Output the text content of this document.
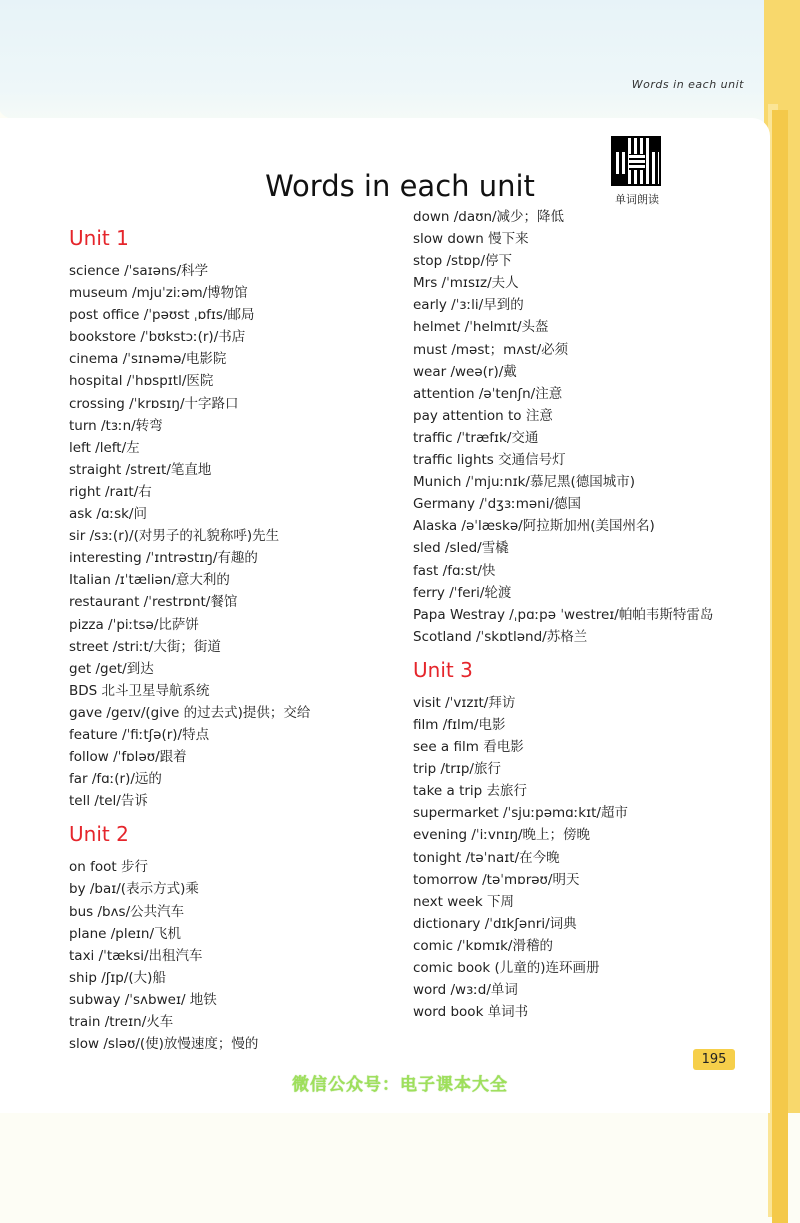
Words in each unit
Words in each unit	单词朗读
Unit 1
science /ˈsaɪəns/科学
museum /mjuˈziːəm/博物馆
post office /ˈpəʊst ˌɒfɪs/邮局
bookstore /ˈbʊkstɔː(r)/书店
cinema /ˈsɪnəmə/电影院
hospital /ˈhɒspɪtl/医院
crossing /ˈkrɒsɪŋ/十字路口
turn /tɜːn/转弯
left /left/左
straight /streɪt/笔直地
right /raɪt/右
ask /ɑːsk/问
sir /sɜː(r)/(对男子的礼貌称呼)先生
interesting /ˈɪntrəstɪŋ/有趣的
Italian /ɪˈtæliən/意大利的
restaurant /ˈrestrɒnt/餐馆
pizza /ˈpiːtsə/比萨饼
street /striːt/大街；街道
get /get/到达
BDS 北斗卫星导航系统
gave /geɪv/(give 的过去式)提供；交给
feature /ˈfiːtʃə(r)/特点
follow /ˈfɒləʊ/跟着
far /fɑː(r)/远的
tell /tel/告诉
Unit 2
on foot 步行
by /baɪ/(表示方式)乘
bus /bʌs/公共汽车
plane /pleɪn/飞机
taxi /ˈtæksi/出租汽车
ship /ʃɪp/(大)船
subway /ˈsʌbweɪ/ 地铁
train /treɪn/火车
slow /sləʊ/(使)放慢速度；慢的
down /daʊn/减少；降低
slow down 慢下来
stop /stɒp/停下
Mrs /ˈmɪsɪz/夫人
early /ˈɜːli/早到的
helmet /ˈhelmɪt/头盔
must /məst；mʌst/必须
wear /weə(r)/戴
attention /əˈtenʃn/注意
pay attention to 注意
traffic /ˈtræfɪk/交通
traffic lights 交通信号灯
Munich /ˈmjuːnɪk/慕尼黑(德国城市)
Germany /ˈdʒɜːməni/德国
Alaska /əˈlæskə/阿拉斯加州(美国州名)
sled /sled/雪橇
fast /fɑːst/快
ferry /ˈferi/轮渡
Papa Westray /ˌpɑːpə ˈwestreɪ/帕帕韦斯特雷岛
Scotland /ˈskɒtlənd/苏格兰
Unit 3
visit /ˈvɪzɪt/拜访
film /fɪlm/电影
see a film 看电影
trip /trɪp/旅行
take a trip 去旅行
supermarket /ˈsjuːpəmɑːkɪt/超市
evening /ˈiːvnɪŋ/晚上；傍晚
tonight /təˈnaɪt/在今晚
tomorrow /təˈmɒrəʊ/明天
next week 下周
dictionary /ˈdɪkʃənri/词典
comic /ˈkɒmɪk/滑稽的
comic book (儿童的)连环画册
word /wɜːd/单词
word book 单词书
195
微信公众号：电子课本大全
